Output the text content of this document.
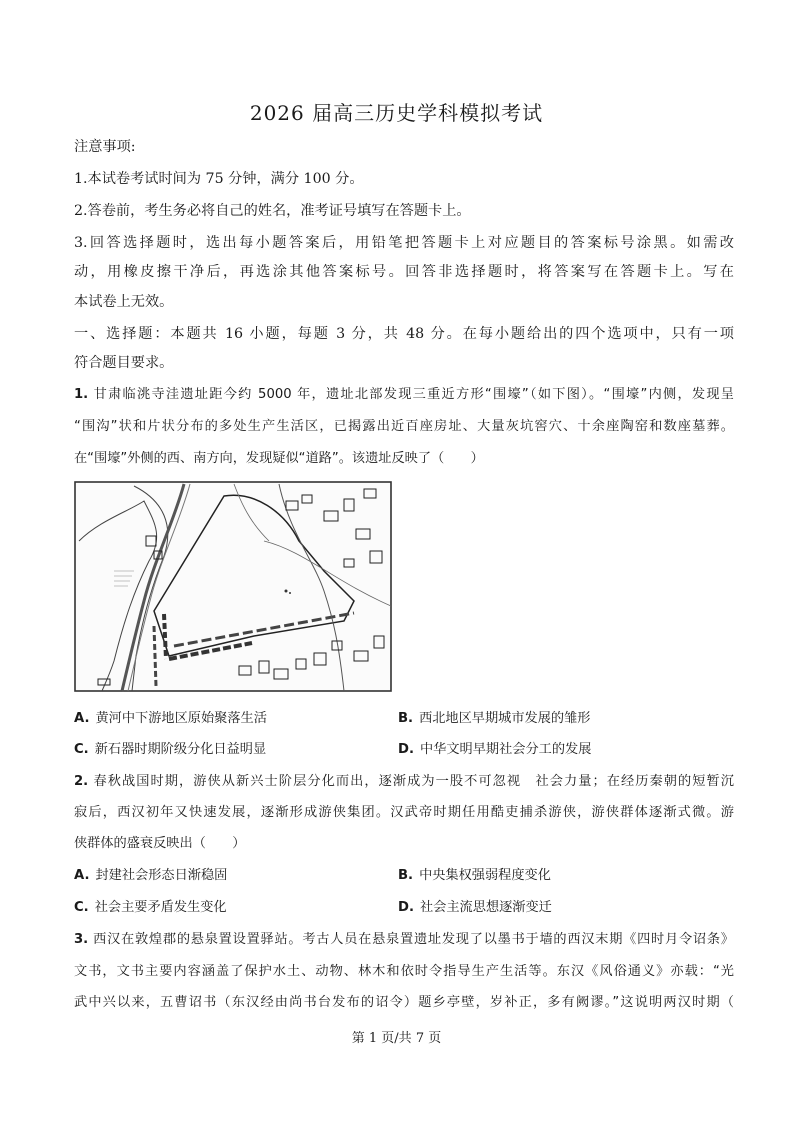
2026 届高三历史学科模拟考试
注意事项:
1.本试卷考试时间为 75 分钟，满分 100 分。
2.答卷前，考生务必将自己的姓名，准考证号填写在答题卡上。
3.回答选择题时，选出每小题答案后，用铅笔把答题卡上对应题目的答案标号涂黑。如需改
动，用橡皮擦干净后，再选涂其他答案标号。回答非选择题时，将答案写在答题卡上。写在
本试卷上无效。
一、选择题：本题共 16 小题，每题 3 分，共 48 分。在每小题给出的四个选项中，只有一项
符合题目要求。
1. 甘肃临洮寺洼遗址距今约 5000 年，遗址北部发现三重近方形“围壕”（如下图）。“围壕”内侧，发现呈
“围沟”状和片状分布的多处生产生活区，已揭露出近百座房址、大量灰坑窖穴、十余座陶窑和数座墓葬。
在“围壕”外侧的西、南方向，发现疑似“道路”。该遗址反映了（　　）
A. 黄河中下游地区原始聚落生活	B. 西北地区早期城市发展的雏形
C. 新石器时期阶级分化日益明显	D. 中华文明早期社会分工的发展
2. 春秋战国时期，游侠从新兴士阶层分化而出，逐渐成为一股不可忽视　社会力量；在经历秦朝的短暂沉
寂后，西汉初年又快速发展，逐渐形成游侠集团。汉武帝时期任用酷吏捕杀游侠，游侠群体逐渐式微。游
侠群体的盛衰反映出（　　）
A. 封建社会形态日渐稳固	B. 中央集权强弱程度变化
C. 社会主要矛盾发生变化	D. 社会主流思想逐渐变迁
3. 西汉在敦煌郡的悬泉置设置驿站。考古人员在悬泉置遗址发现了以墨书于墙的西汉末期《四时月令诏条》
文书，文书主要内容涵盖了保护水土、动物、林木和依时令指导生产生活等。东汉《风俗通义》亦载：“光
武中兴以来，五曹诏书（东汉经由尚书台发布的诏令）题乡亭壁，岁补正，多有阙谬。”这说明两汉时期（
第 1 页/共 7 页
